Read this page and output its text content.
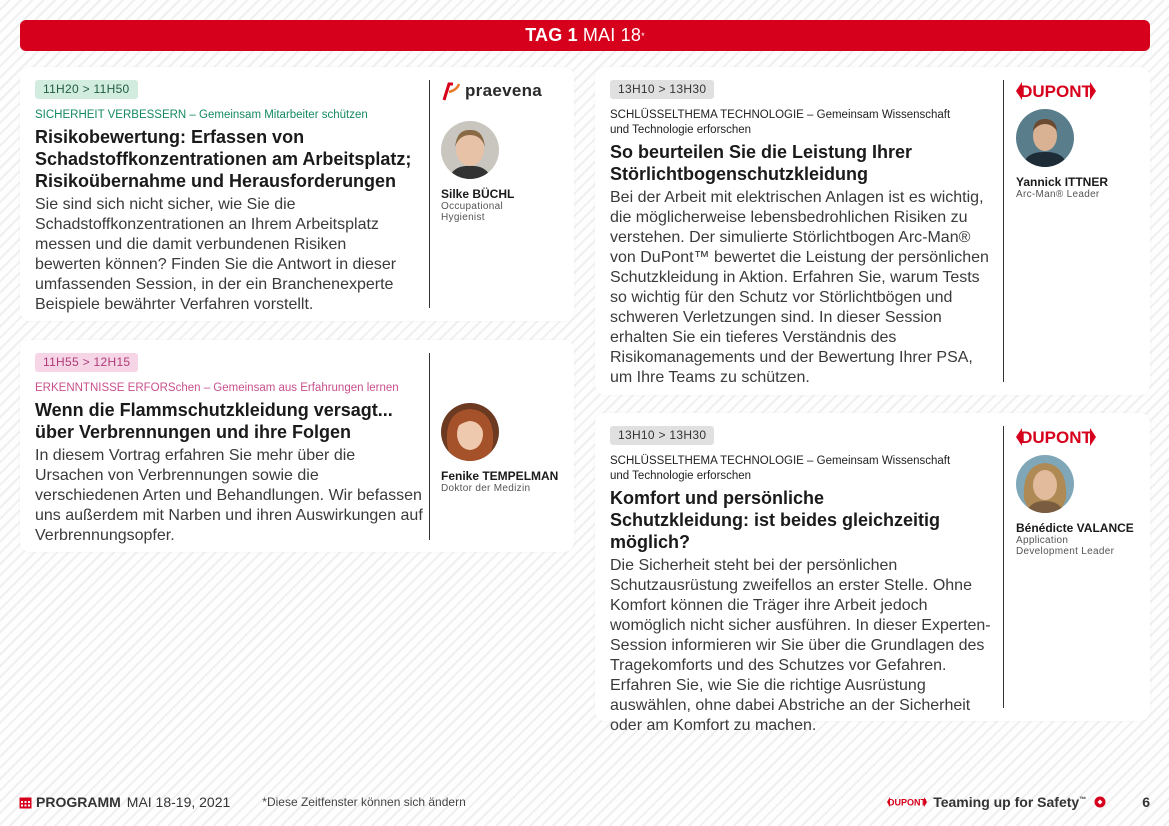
TAG 1 MAI 18 *
11H20 > 11H50
SICHERHEIT VERBESSERN – Gemeinsam Mitarbeiter schützen
Risikobewertung: Erfassen von Schadstoffkonzentrationen am Arbeitsplatz; Risikoübernahme und Herausforderungen
Sie sind sich nicht sicher, wie Sie die Schadstoffkonzentrationen an Ihrem Arbeitsplatz messen und die damit verbundenen Risiken bewerten können? Finden Sie die Antwort in dieser umfassenden Session, in der ein Branchenexperte Beispiele bewährter Verfahren vorstellt.
praevena
Silke BÜCHL
Occupational Hygienist
11H55 > 12H15
ERKENNTNISSE ERFORSchen – Gemeinsam aus Erfahrungen lernen
Wenn die Flammschutzkleidung versagt... über Verbrennungen und ihre Folgen
In diesem Vortrag erfahren Sie mehr über die Ursachen von Verbrennungen sowie die verschiedenen Arten und Behandlungen. Wir befassen uns außerdem mit Narben und ihren Auswirkungen auf Verbrennungsopfer.
Fenike TEMPELMAN
Doktor der Medizin
13H10 > 13H30
SCHLÜSSELTHEMA TECHNOLOGIE – Gemeinsam Wissenschaft und Technologie erforschen
So beurteilen Sie die Leistung Ihrer Störlichtbogenschutzkleidung
Bei der Arbeit mit elektrischen Anlagen ist es wichtig, die möglicherweise lebensbedrohlichen Risiken zu verstehen. Der simulierte Störlichtbogen Arc-Man® von DuPont™ bewertet die Leistung der persönlichen Schutzkleidung in Aktion. Erfahren Sie, warum Tests so wichtig für den Schutz vor Störlichtbögen und schweren Verletzungen sind. In dieser Session erhalten Sie ein tieferes Verständnis des Risikomanagements und der Bewertung Ihrer PSA, um Ihre Teams zu schützen.
DUPONT
Yannick ITTNER
Arc-Man® Leader
13H10 > 13H30
SCHLÜSSELTHEMA TECHNOLOGIE – Gemeinsam Wissenschaft und Technologie erforschen
Komfort und persönliche Schutzkleidung: ist beides gleichzeitig möglich?
Die Sicherheit steht bei der persönlichen Schutzausrüstung zweifellos an erster Stelle. Ohne Komfort können die Träger ihre Arbeit jedoch womöglich nicht sicher ausführen. In dieser Experten-Session informieren wir Sie über die Grundlagen des Tragekomforts und des Schutzes vor Gefahren. Erfahren Sie, wie Sie die richtige Ausrüstung auswählen, ohne dabei Abstriche an der Sicherheit oder am Komfort zu machen.
DUPONT
Bénédicte VALANCE
Application Development Leader
PROGRAMM MAI 18-19, 2021	*Diese Zeitfenster können sich ändern	DUPONT Teaming up for Safety™	6
